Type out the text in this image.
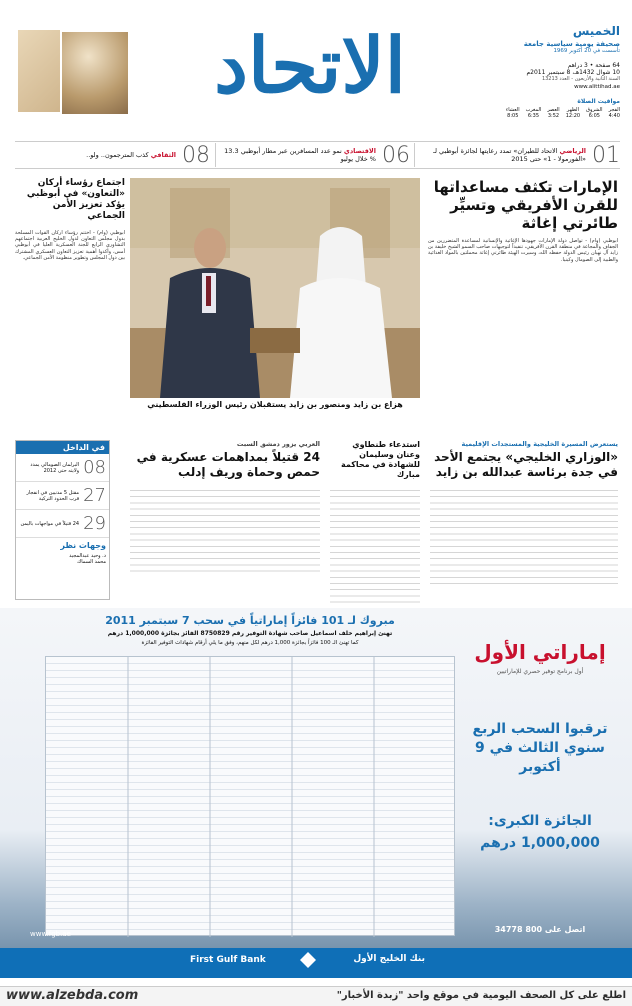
الاتحاد	الخميس
صحيفة يومية سياسية جامعة
تأسست في 20 أكتوبر 1969
64 صفحة • 3 دراهم
10 شوال 1432هـ، 8 سبتمبر 2011م
السنة الثانية والأربعون - العدد 13213
www.alittihad.ae
مواقيت الصلاة
الفجر
4:40
الشروق
6:05
الظهر
12:20
العصر
3:52
المغرب
6:35
العشاء
8:05
01
الرياضي الاتحاد للطيران» تمدد رعايتها لجائزة أبوظبي لـ «الفورمولا - 1» حتى 2015
06
الاقتصادي نمو عدد المسافرين عبر مطار أبوظبي 13.3 % خلال يوليو
08
الثقافي كذب المترجمون.. ولو..
الإمارات تكثف مساعداتها للقرن الأفريقي وتسيِّر طائرتي إغاثة
أبوظبي (وام) - تواصل دولة الإمارات جهودها الإغاثية والإنسانية لمساعدة المتضررين من الجفاف والمجاعة في منطقة القرن الأفريقي، تنفيذاً لتوجيهات صاحب السمو الشيخ خليفة بن زايد آل نهيان رئيس الدولة حفظه الله، وسيرت الهيئة طائرتي إغاثة محملتين بالمواد الغذائية والطبية إلى الصومال وكينيا.
هزاع بن زايد ومنصور بن زايد يستقبلان رئيس الوزراء الفلسطيني
اجتماع رؤساء أركان «التعاون» في أبوظبي يؤكد تعزيز الأمن الجماعي
أبوظبي (وام) - اختتم رؤساء أركان القوات المسلحة بدول مجلس التعاون لدول الخليج العربية اجتماعهم التشاوري الرابع للجنة العسكرية العليا في أبوظبي أمس، وأكدوا أهمية تعزيز التعاون العسكري المشترك بين دول المجلس وتطوير منظومة الأمن الجماعي.
يستعرض المسيرة الخليجية والمستجدات الإقليمية
«الوزاري الخليجي» يجتمع الأحد في جدة برئاسة عبدالله بن زايد
استدعاء طنطاوي وعنان وسليمان للشهادة في محاكمة مبارك
العربي يزور دمشق السبت
24 قتيلاً بمداهمات عسكرية في حمص وحماة وريف إدلب
في الداخل
08
البرلمان الصومالي يمدد ولايته حتى 2012
27
مقتل 5 مدنيين في انفجار قرب الحدود التركية
29
24 قتيلاً في مواجهات باليمن
وجهات نظر
د. وحيد عبدالمجيد
محمد السماك
مبروك لـ 101 فائزاً إماراتياً في سحب 7 سبتمبر 2011
تهنئ إبراهيم خلف اسماعيل صاحب شهادة التوفير رقم 8750829 الفائز بجائزة 1,000,000 درهم
كما تهنئ الـ 100 فائزاً بجائزة 1,000 درهم لكل منهم، وفق ما يلي أرقام شهادات التوفير الفائزة	إماراتي الأول
أول برنامج توفير حصري للإماراتيين
ترقبوا السحب الربع سنوي الثالث في 9 أكتوبر
الجائزة الكبرى: 1,000,000 درهم
اتصل على 800 34778
www.fgb.ae
First Gulf Bank	بنك الخليج الأول
www.alzebda.com	اطلع على كل الصحف اليومية في موقع واحد "زبدة الأخبار"
